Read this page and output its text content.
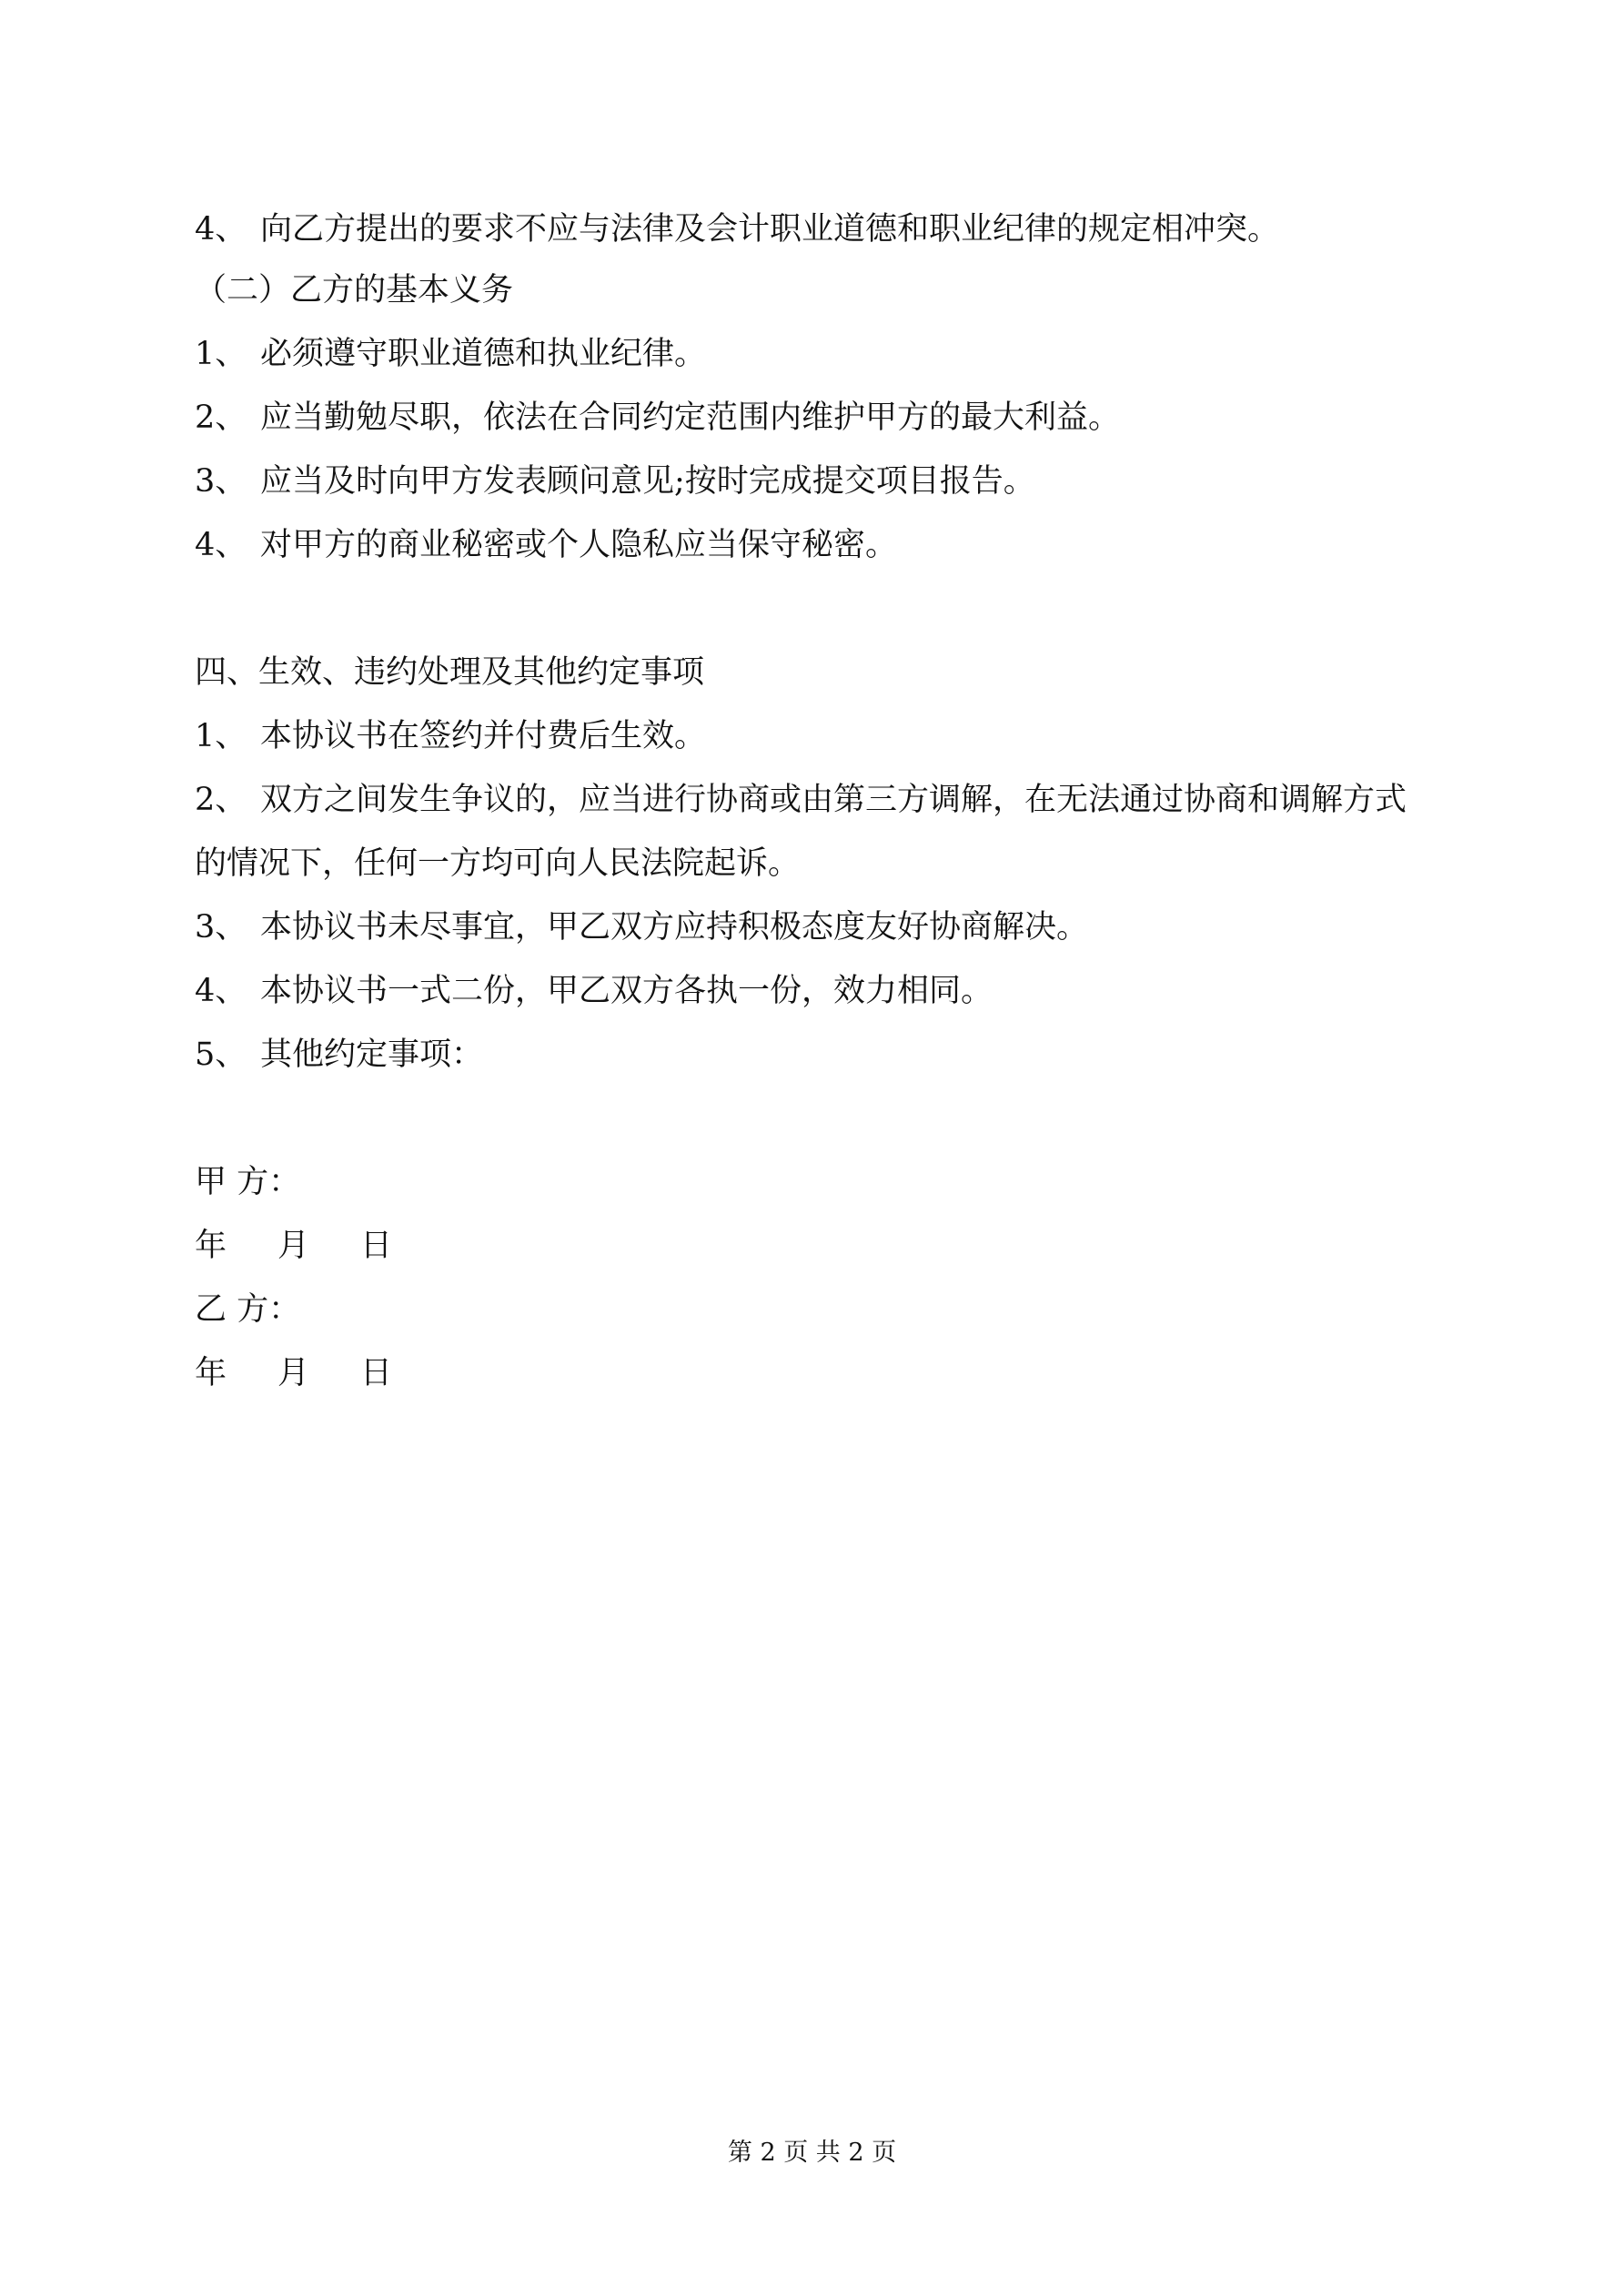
4、 向乙方提出的要求不应与法律及会计职业道德和职业纪律的规定相冲突。
（二）乙方的基本义务
1、 必须遵守职业道德和执业纪律。
2、 应当勤勉尽职，依法在合同约定范围内维护甲方的最大利益。
3、 应当及时向甲方发表顾问意见;按时完成提交项目报告。
4、 对甲方的商业秘密或个人隐私应当保守秘密。
四、生效、违约处理及其他约定事项
1、 本协议书在签约并付费后生效。
2、 双方之间发生争议的，应当进行协商或由第三方调解，在无法通过协商和调解方式
的情况下，任何一方均可向人民法院起诉。
3、 本协议书未尽事宜，甲乙双方应持积极态度友好协商解决。
4、 本协议书一式二份，甲乙双方各执一份，效力相同。
5、 其他约定事项：
甲 方：
年 月 日
乙 方：
年 月 日
第 2 页 共 2 页
